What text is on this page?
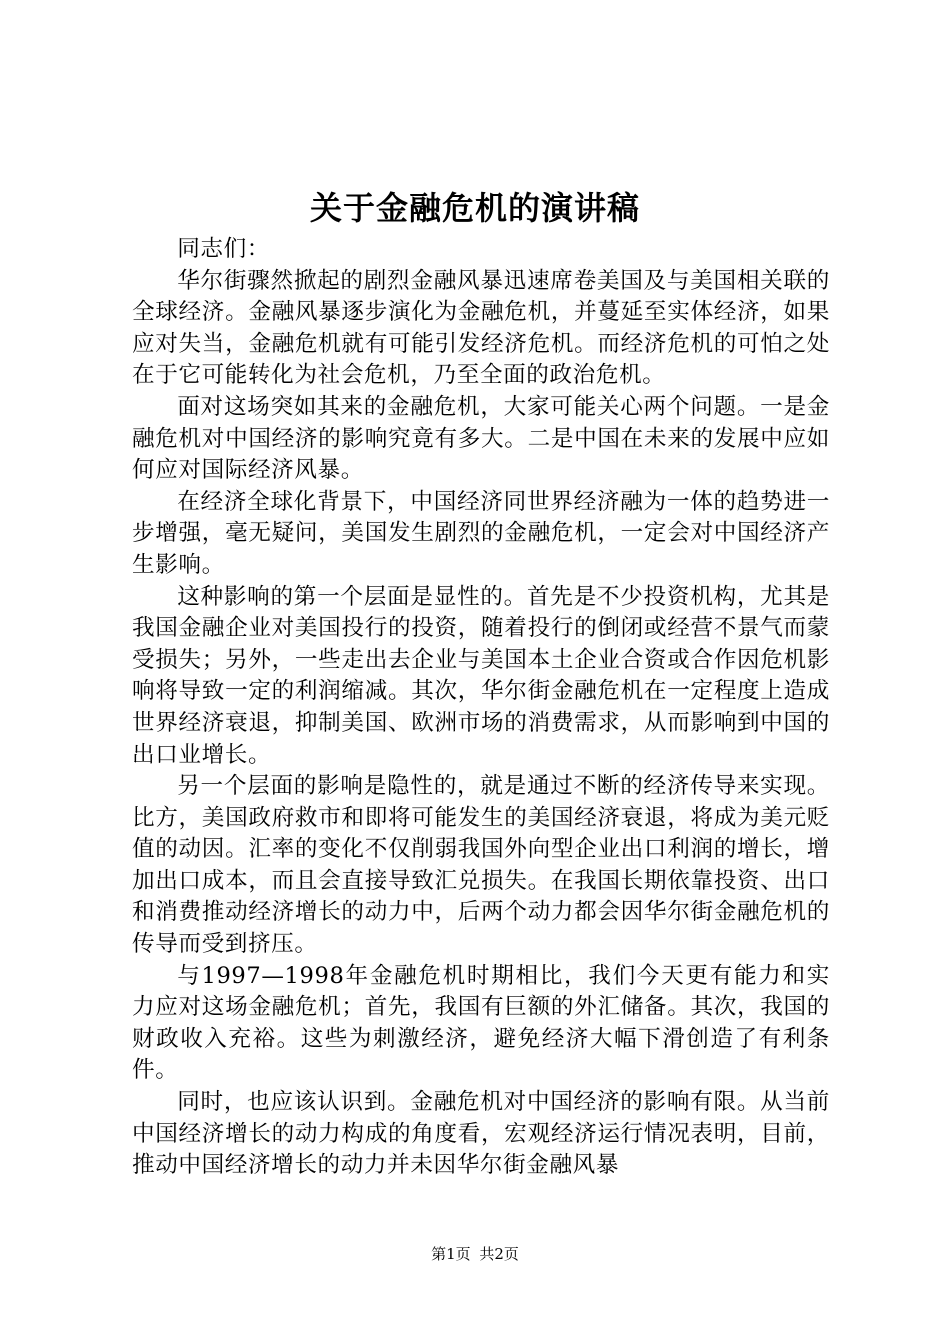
关于金融危机的演讲稿

同志们：

华尔街骤然掀起的剧烈金融风暴迅速席卷美国及与美国相关联的全球经济。金融风暴逐步演化为金融危机，并蔓延至实体经济，如果应对失当，金融危机就有可能引发经济危机。而经济危机的可怕之处在于它可能转化为社会危机，乃至全面的政治危机。

面对这场突如其来的金融危机，大家可能关心两个问题。一是金融危机对中国经济的影响究竟有多大。二是中国在未来的发展中应如何应对国际经济风暴。

在经济全球化背景下，中国经济同世界经济融为一体的趋势进一步增强，毫无疑问，美国发生剧烈的金融危机，一定会对中国经济产生影响。

这种影响的第一个层面是显性的。首先是不少投资机构，尤其是我国金融企业对美国投行的投资，随着投行的倒闭或经营不景气而蒙受损失；另外，一些走出去企业与美国本土企业合资或合作因危机影响将导致一定的利润缩减。其次，华尔街金融危机在一定程度上造成世界经济衰退，抑制美国、欧洲市场的消费需求，从而影响到中国的出口业增长。

另一个层面的影响是隐性的，就是通过不断的经济传导来实现。比方，美国政府救市和即将可能发生的美国经济衰退，将成为美元贬值的动因。汇率的变化不仅削弱我国外向型企业出口利润的增长，增加出口成本，而且会直接导致汇兑损失。在我国长期依靠投资、出口和消费推动经济增长的动力中，后两个动力都会因华尔街金融危机的传导而受到挤压。

与1997—1998年金融危机时期相比，我们今天更有能力和实力应对这场金融危机；首先，我国有巨额的外汇储备。其次，我国的财政收入充裕。这些为刺激经济，避免经济大幅下滑创造了有利条件。

同时，也应该认识到。金融危机对中国经济的影响有限。从当前中国经济增长的动力构成的角度看，宏观经济运行情况表明，目前，推动中国经济增长的动力并未因华尔街金融风暴

第1页 共2页
